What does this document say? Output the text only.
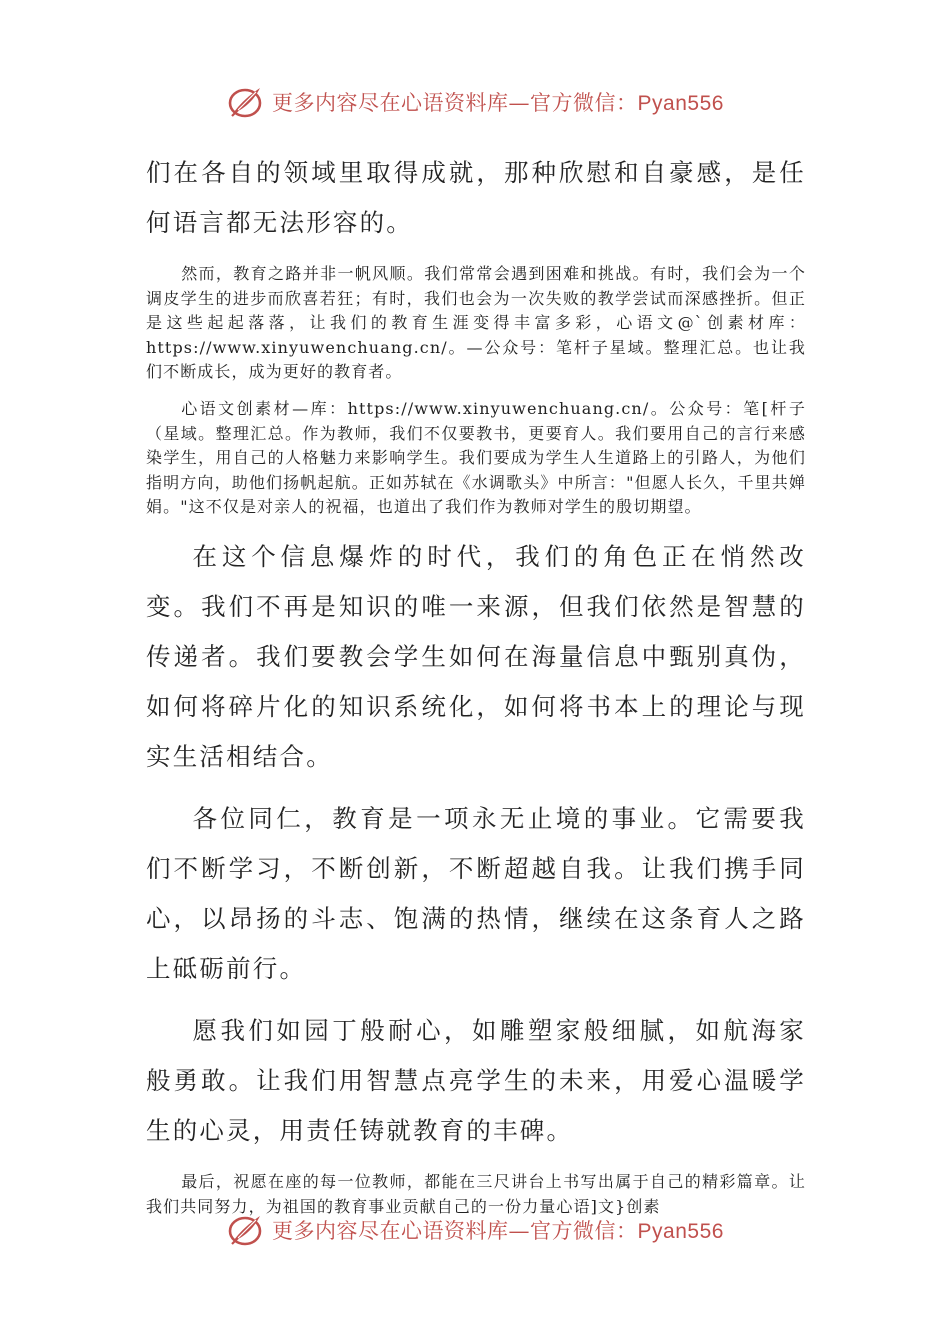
更多内容尽在心语资料库—官方微信：Pyan556

们在各自的领域里取得成就，那种欣慰和自豪感，是任何语言都无法形容的。

然而，教育之路并非一帆风顺。我们常常会遇到困难和挑战。有时，我们会为一个调皮学生的进步而欣喜若狂；有时，我们也会为一次失败的教学尝试而深感挫折。但正是这些起起落落，让我们的教育生涯变得丰富多彩，心语文@`创素材库：https://www.xinyuwenchuang.cn/。—公众号：笔杆子星域。整理汇总。也让我们不断成长，成为更好的教育者。

心语文创素材—库：https://www.xinyuwenchuang.cn/。公众号：笔[杆子（星域。整理汇总。作为教师，我们不仅要教书，更要育人。我们要用自己的言行来感染学生，用自己的人格魅力来影响学生。我们要成为学生人生道路上的引路人，为他们指明方向，助他们扬帆起航。正如苏轼在《水调歌头》中所言："但愿人长久，千里共婵娟。"这不仅是对亲人的祝福，也道出了我们作为教师对学生的殷切期望。

在这个信息爆炸的时代，我们的角色正在悄然改变。我们不再是知识的唯一来源，但我们依然是智慧的传递者。我们要教会学生如何在海量信息中甄别真伪，如何将碎片化的知识系统化，如何将书本上的理论与现实生活相结合。

各位同仁，教育是一项永无止境的事业。它需要我们不断学习，不断创新，不断超越自我。让我们携手同心，以昂扬的斗志、饱满的热情，继续在这条育人之路上砥砺前行。

愿我们如园丁般耐心，如雕塑家般细腻，如航海家般勇敢。让我们用智慧点亮学生的未来，用爱心温暖学生的心灵，用责任铸就教育的丰碑。

最后，祝愿在座的每一位教师，都能在三尺讲台上书写出属于自己的精彩篇章。让我们共同努力，为祖国的教育事业贡献自己的一份力量心语]文}创素

更多内容尽在心语资料库—官方微信：Pyan556
